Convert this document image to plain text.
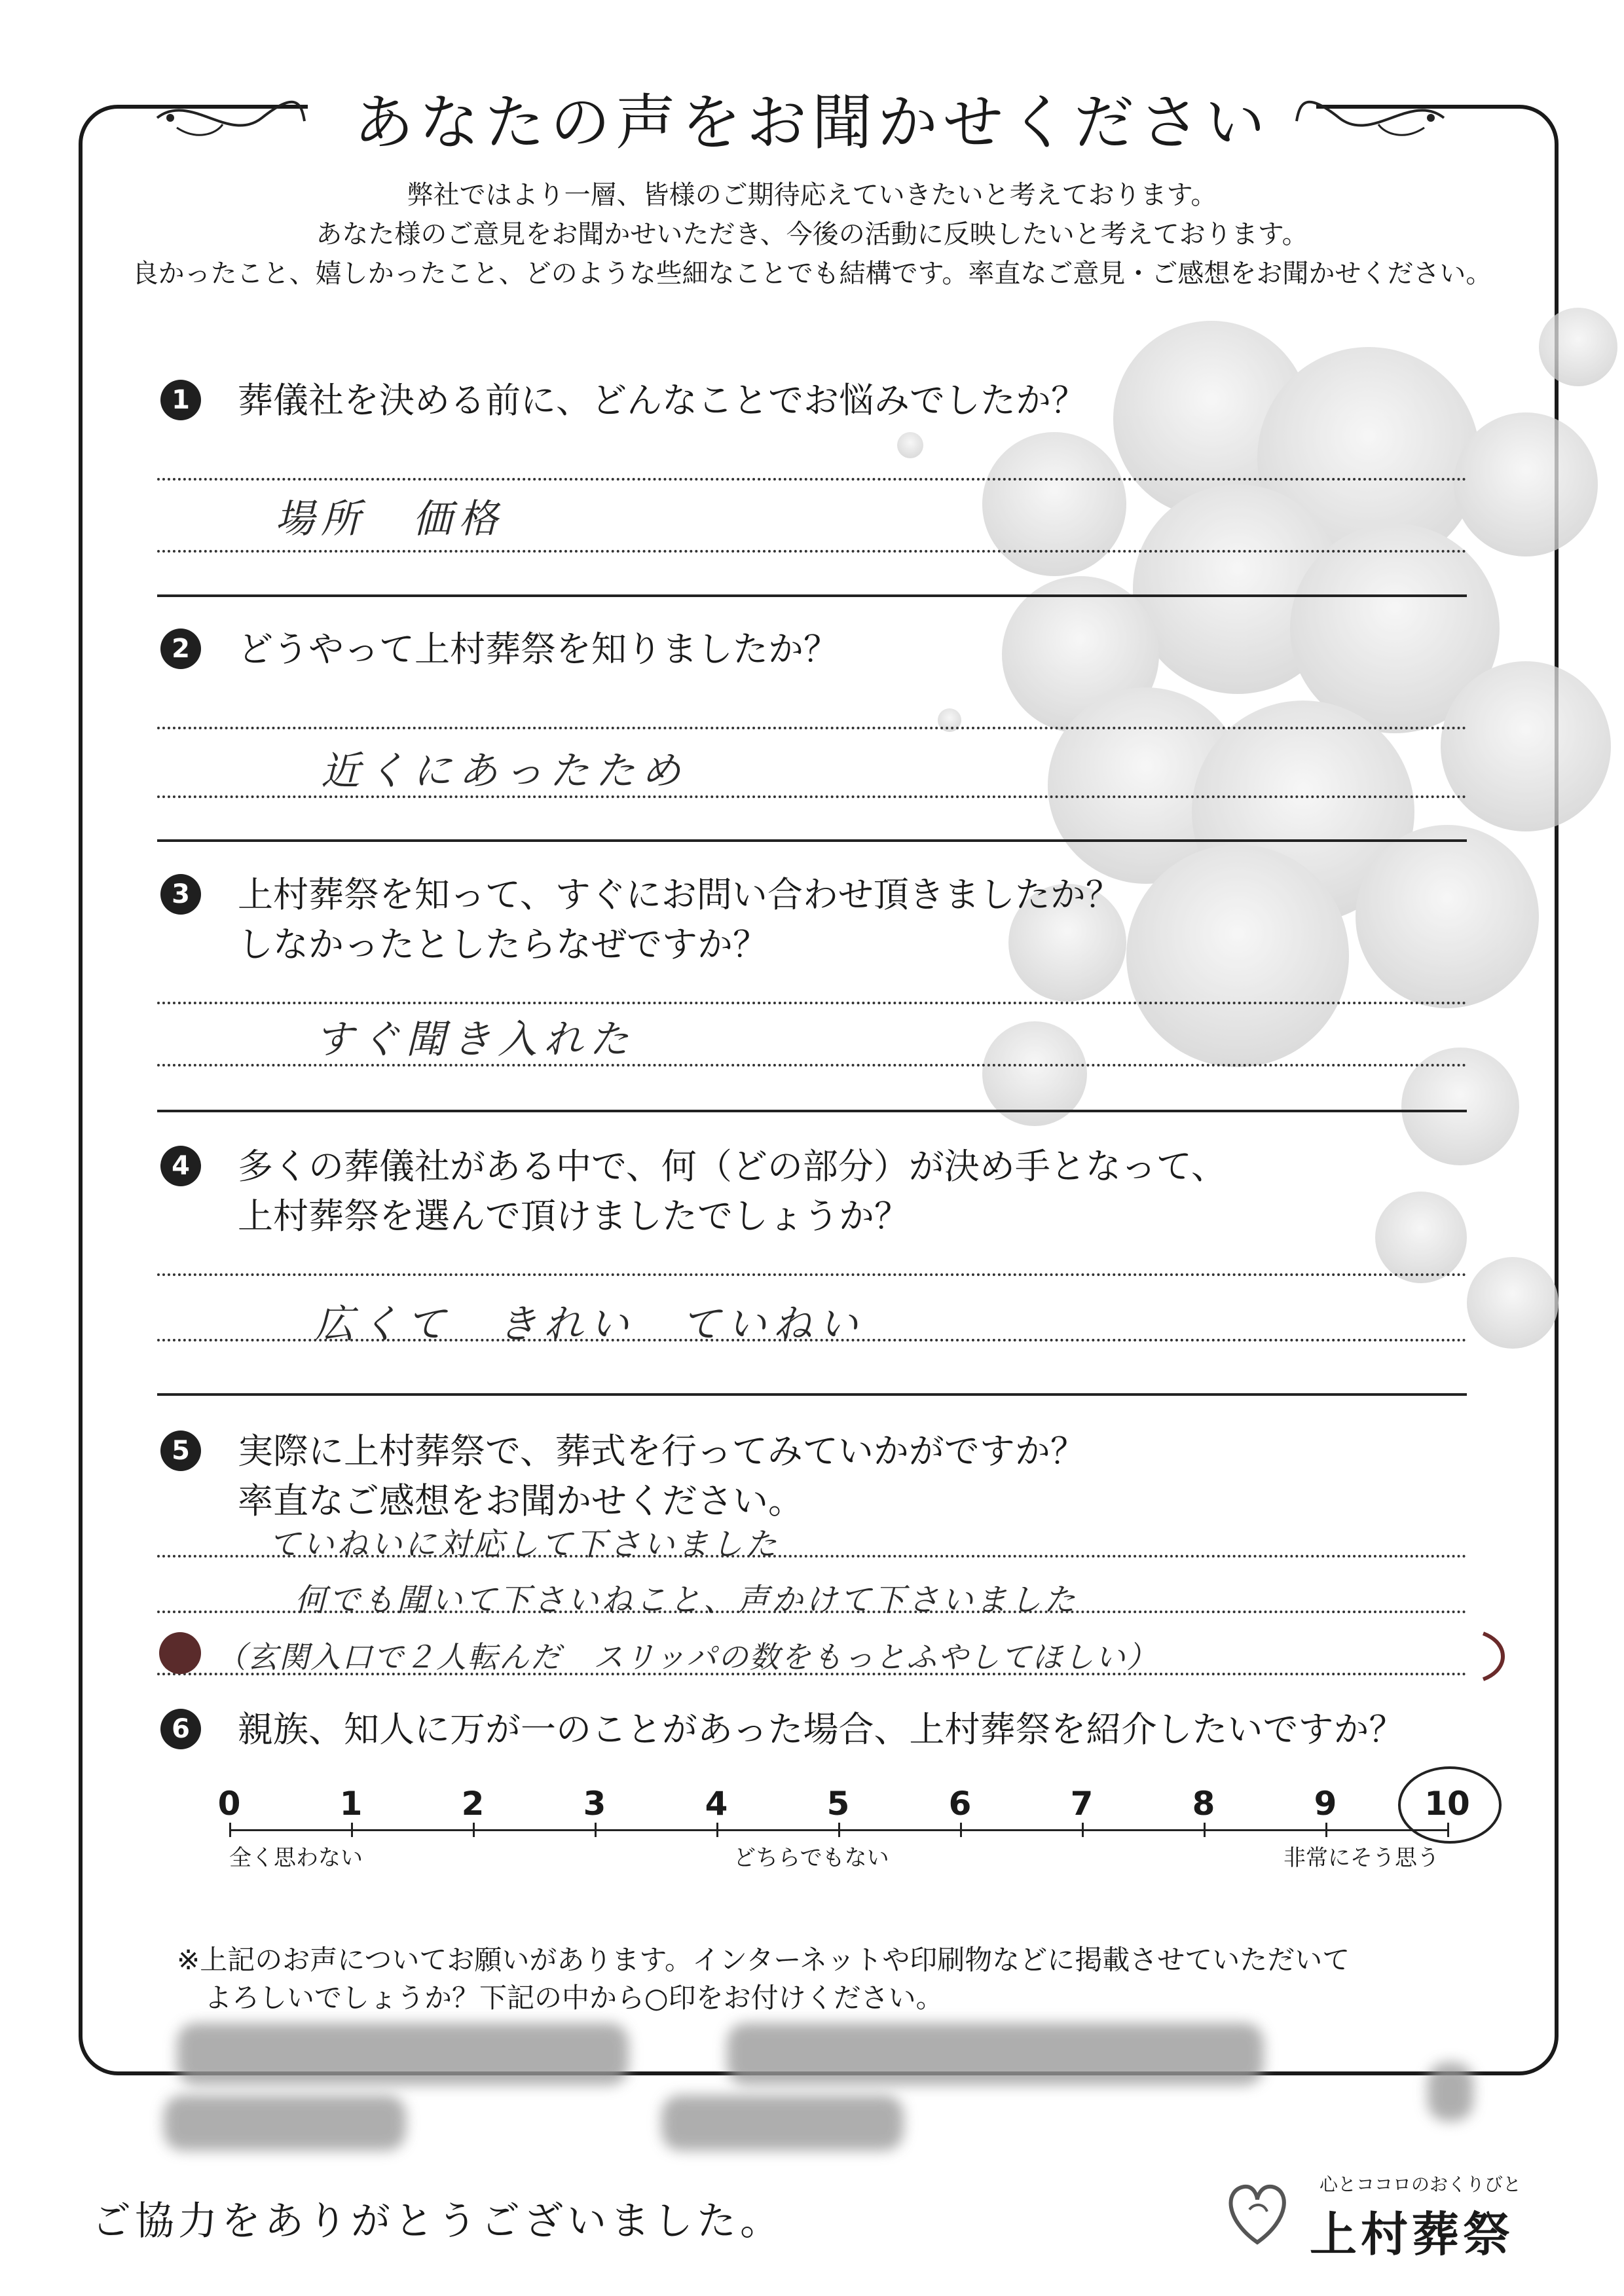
あなたの声をお聞かせください
弊社ではより一層、皆様のご期待応えていきたいと考えております。
あなた様のご意見をお聞かせいただき、今後の活動に反映したいと考えております。
良かったこと、嬉しかったこと、どのような些細なことでも結構です。率直なご意見・ご感想をお聞かせください。
1	葬儀社を決める前に、どんなことでお悩みでしたか？
場所　価格
2	どうやって上村葬祭を知りましたか？
近くにあったため
3	上村葬祭を知って、すぐにお問い合わせ頂きましたか？
しなかったとしたらなぜですか？
すぐ聞き入れた
4	多くの葬儀社がある中で、何（どの部分）が決め手となって、
上村葬祭を選んで頂けましたでしょうか？
広くて　きれい　ていねい
5	実際に上村葬祭で、葬式を行ってみていかがですか？
率直なご感想をお聞かせください。
ていねいに対応して下さいました
何でも聞いて下さいねこと、声かけて下さいました
（玄関入口で２人転んだ　スリッパの数をもっとふやしてほしい）
6	親族、知人に万が一のことがあった場合、上村葬祭を紹介したいですか？
0	1	2	3	4	5	6	7	8	9	10
全く思わない	どちらでもない	非常にそう思う
※上記のお声についてお願いがあります。インターネットや印刷物などに掲載させていただいて
　よろしいでしょうか？下記の中から○印をお付けください。
ご協力をありがとうございました。
心とココロのおくりびと
上村葬祭
